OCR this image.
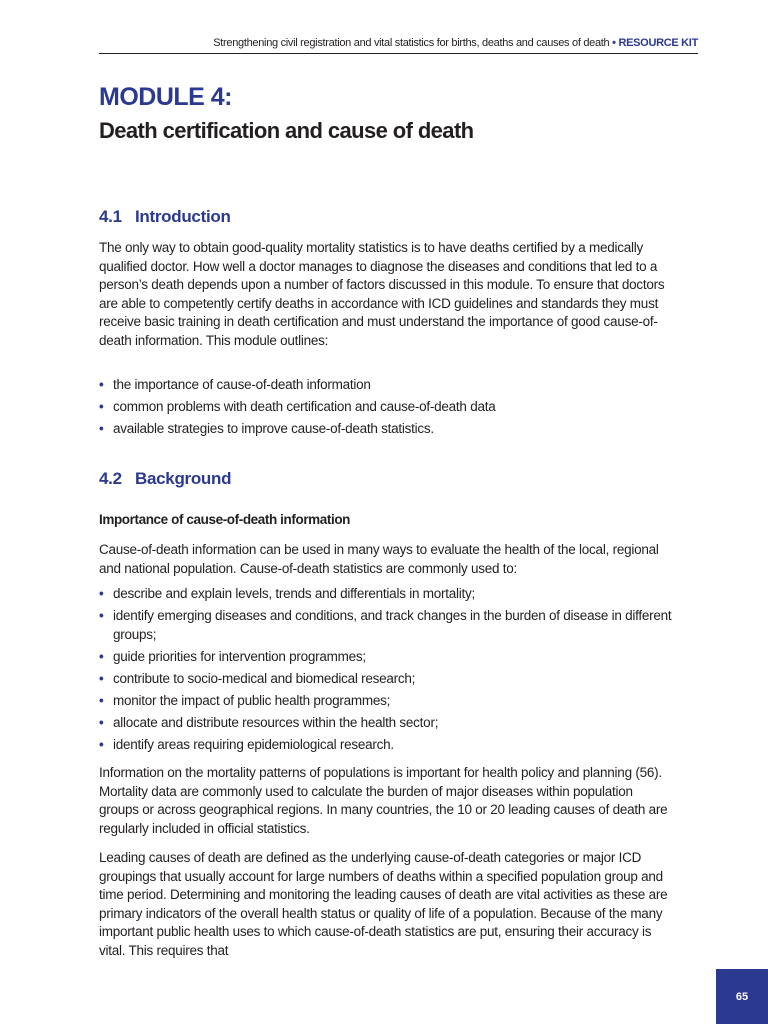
Strengthening civil registration and vital statistics for births, deaths and causes of death • RESOURCE KIT
MODULE 4:
Death certification and cause of death
4.1 Introduction

The only way to obtain good-quality mortality statistics is to have deaths certified by a medically qualified doctor. How well a doctor manages to diagnose the diseases and conditions that led to a person’s death depends upon a number of factors discussed in this module. To ensure that doctors are able to competently certify deaths in accordance with ICD guidelines and standards they must receive basic training in death certification and must understand the importance of good cause-of-death information. This module outlines:

• the importance of cause-of-death information
• common problems with death certification and cause-of-death data
• available strategies to improve cause-of-death statistics.
4.2 Background
Importance of cause-of-death information

Cause-of-death information can be used in many ways to evaluate the health of the local, regional and national population. Cause-of-death statistics are commonly used to:

• describe and explain levels, trends and differentials in mortality;
• identify emerging diseases and conditions, and track changes in the burden of disease in different groups;
• guide priorities for intervention programmes;
• contribute to socio-medical and biomedical research;
• monitor the impact of public health programmes;
• allocate and distribute resources within the health sector;
• identify areas requiring epidemiological research.

Information on the mortality patterns of populations is important for health policy and planning (56). Mortality data are commonly used to calculate the burden of major diseases within population groups or across geographical regions. In many countries, the 10 or 20 leading causes of death are regularly included in official statistics.

Leading causes of death are defined as the underlying cause-of-death categories or major ICD groupings that usually account for large numbers of deaths within a specified population group and time period. Determining and monitoring the leading causes of death are vital activities as these are primary indicators of the overall health status or quality of life of a population. Because of the many important public health uses to which cause-of-death statistics are put, ensuring their accuracy is vital. This requires that

65
